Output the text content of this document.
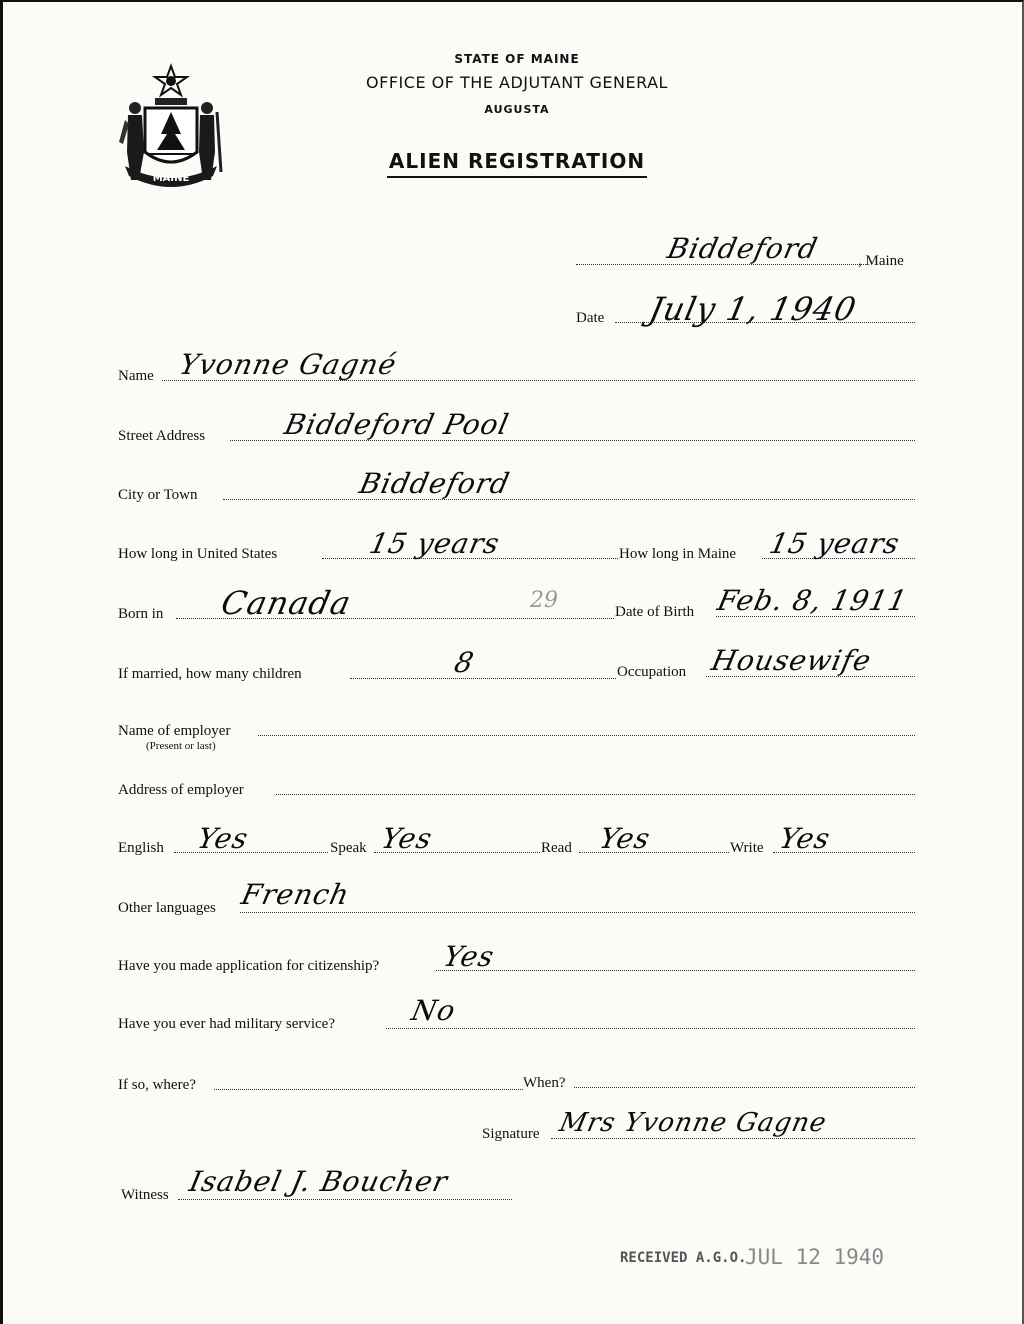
MAINE
STATE OF MAINE
OFFICE OF THE ADJUTANT GENERAL
AUGUSTA
ALIEN REGISTRATION
Biddeford , Maine
Date July 1, 1940
Name Yvonne Gagné
Street Address	Biddeford Pool
City or Town	Biddeford
How long in United States	15 years	How long in Maine 15 years
Born in Canada	29	Date of Birth Feb. 8, 1911
If married, how many children	8	Occupation Housewife
Name of employer
(Present or last)
Address of employer
English Yes	Speak Yes	Read Yes	Write Yes
Other languages French
Have you made application for citizenship? Yes
Have you ever had military service?	No
If so, where?	When?
Signature Mrs Yvonne Gagne
Witness Isabel J. Boucher
RECEIVED A.G.O.
JUL 12 1940
